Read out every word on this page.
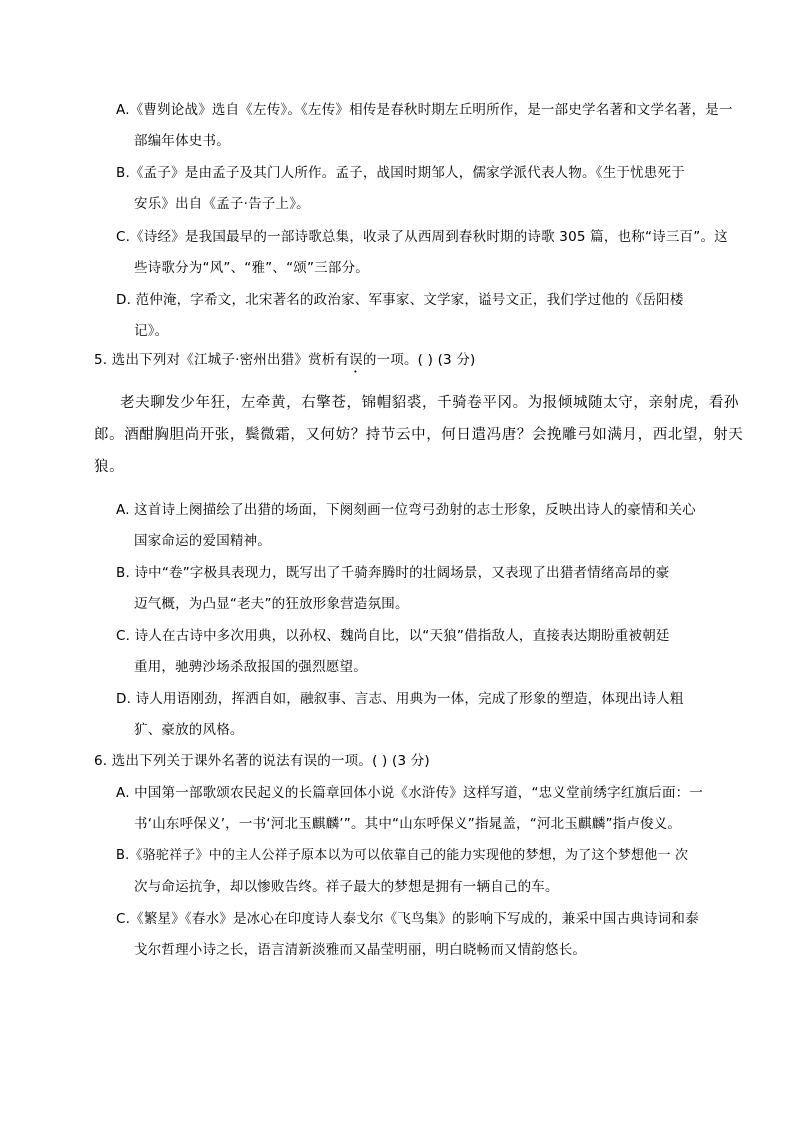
A.《曹刿论战》选自《左传》。《左传》相传是春秋时期左丘明所作，是一部史学名著和文学名著，是一
部编年体史书。
B.《孟子》是由孟子及其门人所作。孟子，战国时期邹人，儒家学派代表人物。《生于忧患死于
安乐》出自《孟子·告子上》。
C.《诗经》是我国最早的一部诗歌总集，收录了从西周到春秋时期的诗歌 305 篇，也称“诗三百”。这
些诗歌分为“风”、“雅”、“颂”三部分。
D. 范仲淹，字希文，北宋著名的政治家、军事家、文学家，谥号文正，我们学过他的《岳阳楼
记》。
5. 选出下列对《江城子·密州出猎》赏析有误的一项。( ) (3 分)
老夫聊发少年狂，左牵黄，右擎苍，锦帽貂裘，千骑卷平冈。为报倾城随太守，亲射虎，看孙
郎。酒酣胸胆尚开张，鬓微霜，又何妨？持节云中，何日遣冯唐？会挽雕弓如满月，西北望，射天
狼。
A. 这首诗上阕描绘了出猎的场面，下阕刻画一位弯弓劲射的志士形象，反映出诗人的豪情和关心
国家命运的爱国精神。
B. 诗中“卷”字极具表现力，既写出了千骑奔腾时的壮阔场景，又表现了出猎者情绪高昂的豪
迈气概，为凸显“老夫”的狂放形象营造氛围。
C. 诗人在古诗中多次用典，以孙权、魏尚自比，以“天狼”借指敌人，直接表达期盼重被朝廷
重用，驰骋沙场杀敌报国的强烈愿望。
D. 诗人用语刚劲，挥洒自如，融叙事、言志、用典为一体，完成了形象的塑造，体现出诗人粗
犷、豪放的风格。
6. 选出下列关于课外名著的说法有误的一项。( ) (3 分)
A. 中国第一部歌颂农民起义的长篇章回体小说《水浒传》这样写道，“忠义堂前绣字红旗后面：一
书‘山东呼保义’，一书‘河北玉麒麟’”。其中“山东呼保义”指晁盖，“河北玉麒麟”指卢俊义。
B.《骆驼祥子》中的主人公祥子原本以为可以依靠自己的能力实现他的梦想，为了这个梦想他一 次
次与命运抗争，却以惨败告终。祥子最大的梦想是拥有一辆自己的车。
C.《繁星》《春水》是冰心在印度诗人泰戈尔《飞鸟集》的影响下写成的，兼采中国古典诗词和泰
戈尔哲理小诗之长，语言清新淡雅而又晶莹明丽，明白晓畅而又情韵悠长。
